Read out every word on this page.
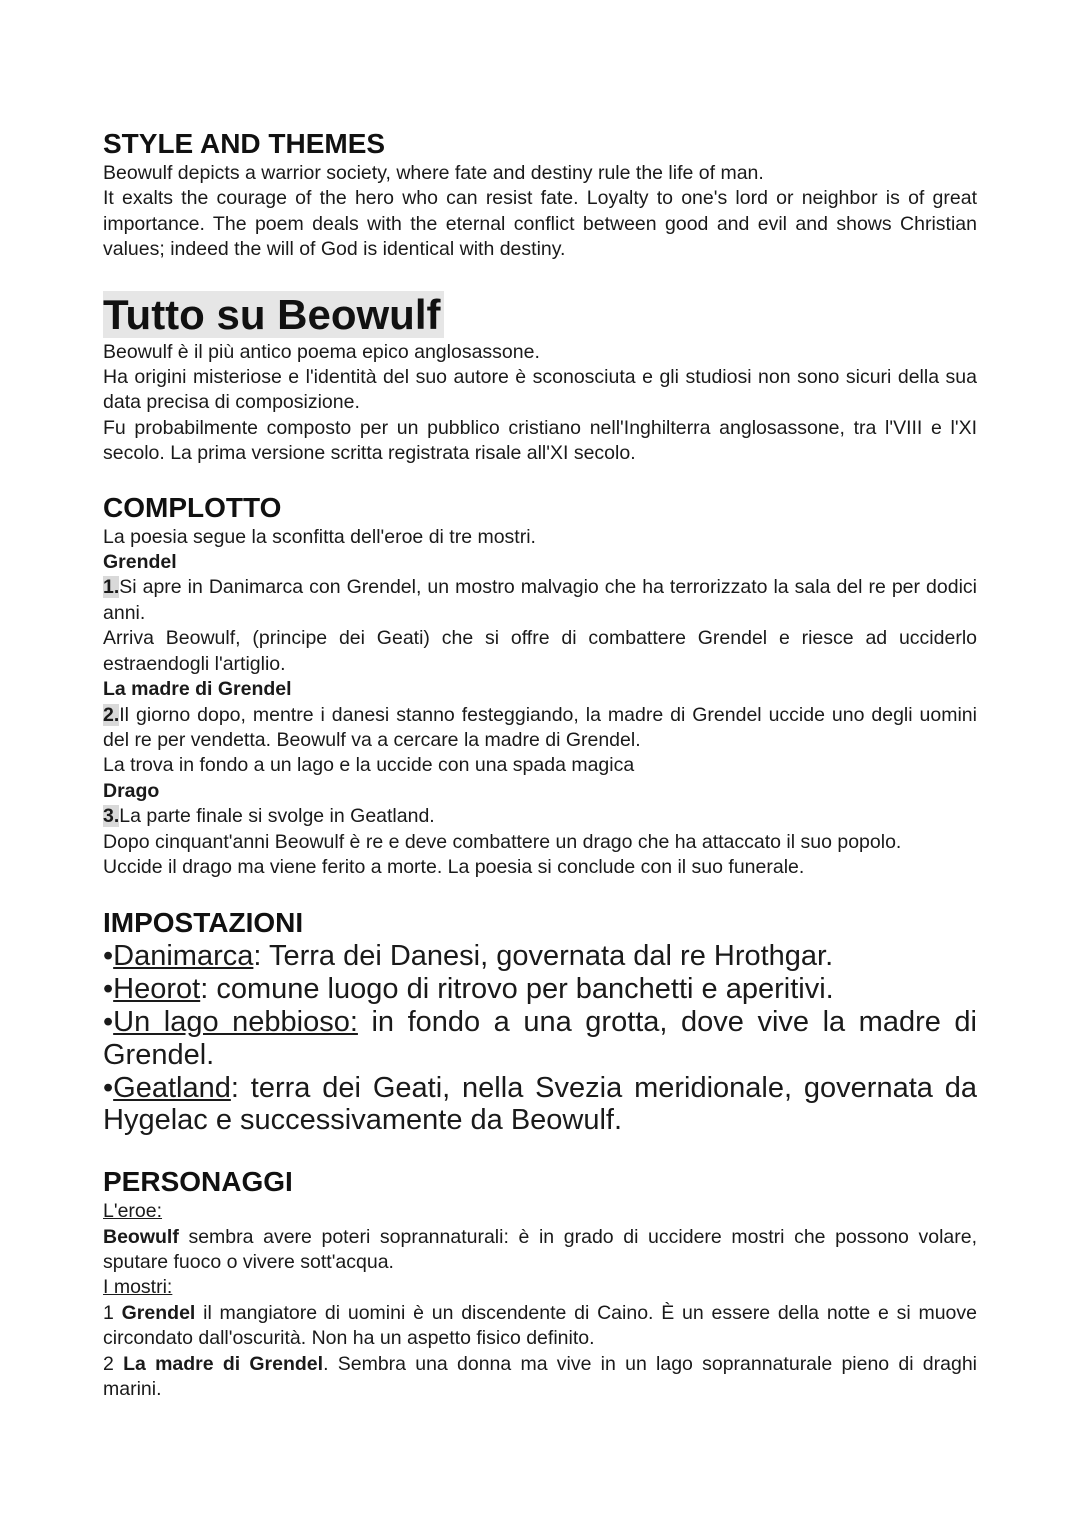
STYLE AND THEMES

Beowulf depicts a warrior society, where fate and destiny rule the life of man.

It exalts the courage of the hero who can resist fate. Loyalty to one's lord or neighbor is of great importance. The poem deals with the eternal conflict between good and evil and shows Christian values; indeed the will of God is identical with destiny.

Tutto su Beowulf

Beowulf è il più antico poema epico anglosassone.

Ha origini misteriose e l'identità del suo autore è sconosciuta e gli studiosi non sono sicuri della sua data precisa di composizione.

Fu probabilmente composto per un pubblico cristiano nell'Inghilterra anglosassone, tra l'VIII e l'XI secolo. La prima versione scritta registrata risale all'XI secolo.

COMPLOTTO

La poesia segue la sconfitta dell'eroe di tre mostri.

Grendel

1.Si apre in Danimarca con Grendel, un mostro malvagio che ha terrorizzato la sala del re per dodici anni.

Arriva Beowulf, (principe dei Geati) che si offre di combattere Grendel e riesce ad ucciderlo estraendogli l'artiglio.

La madre di Grendel

2.Il giorno dopo, mentre i danesi stanno festeggiando, la madre di Grendel uccide uno degli uomini del re per vendetta. Beowulf va a cercare la madre di Grendel.

La trova in fondo a un lago e la uccide con una spada magica

Drago

3.La parte finale si svolge in Geatland.

Dopo cinquant'anni Beowulf è re e deve combattere un drago che ha attaccato il suo popolo.

Uccide il drago ma viene ferito a morte. La poesia si conclude con il suo funerale.

IMPOSTAZIONI

•Danimarca: Terra dei Danesi, governata dal re Hrothgar.

•Heorot: comune luogo di ritrovo per banchetti e aperitivi.

•Un lago nebbioso: in fondo a una grotta, dove vive la madre di Grendel.

•Geatland: terra dei Geati, nella Svezia meridionale, governata da Hygelac e successivamente da Beowulf.

PERSONAGGI

L'eroe:

Beowulf sembra avere poteri soprannaturali: è in grado di uccidere mostri che possono volare, sputare fuoco o vivere sott'acqua.

I mostri:

1 Grendel il mangiatore di uomini è un discendente di Caino. È un essere della notte e si muove circondato dall'oscurità. Non ha un aspetto fisico definito.

2 La madre di Grendel. Sembra una donna ma vive in un lago soprannaturale pieno di draghi marini.
